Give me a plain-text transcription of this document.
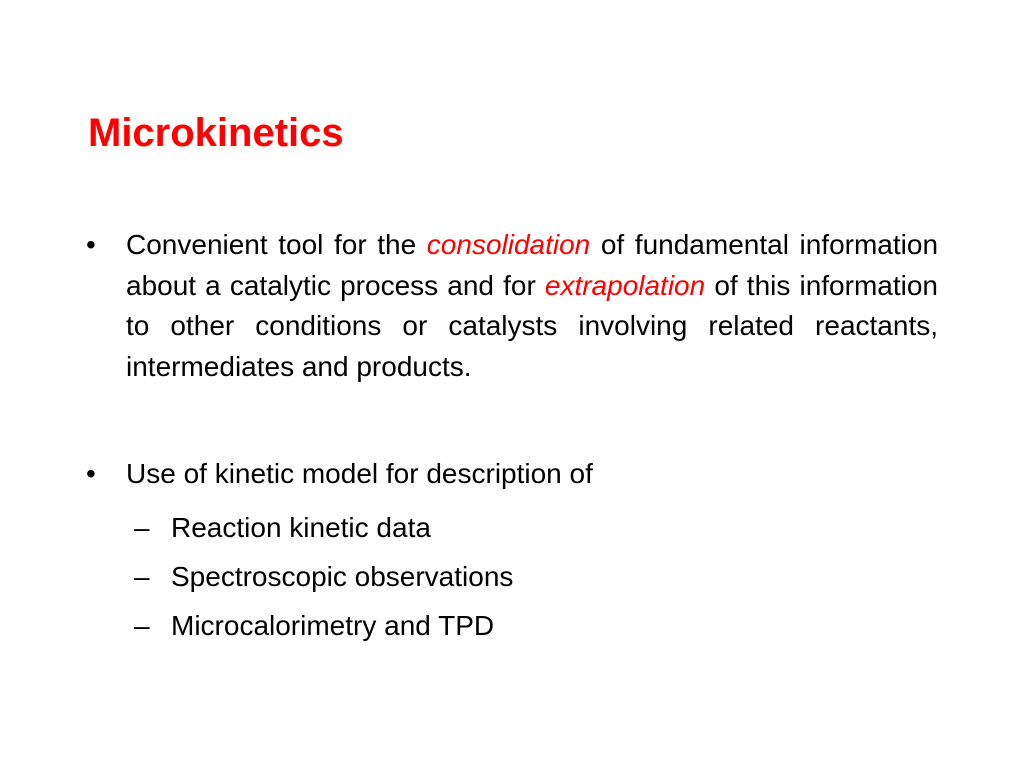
Microkinetics
•	Convenient tool for the consolidation of fundamental information about a catalytic process and for extrapolation of this information to other conditions or catalysts involving related reactants, intermediates and products.
•	Use of kinetic model for description of
– Reaction kinetic data
– Spectroscopic observations
– Microcalorimetry and TPD
